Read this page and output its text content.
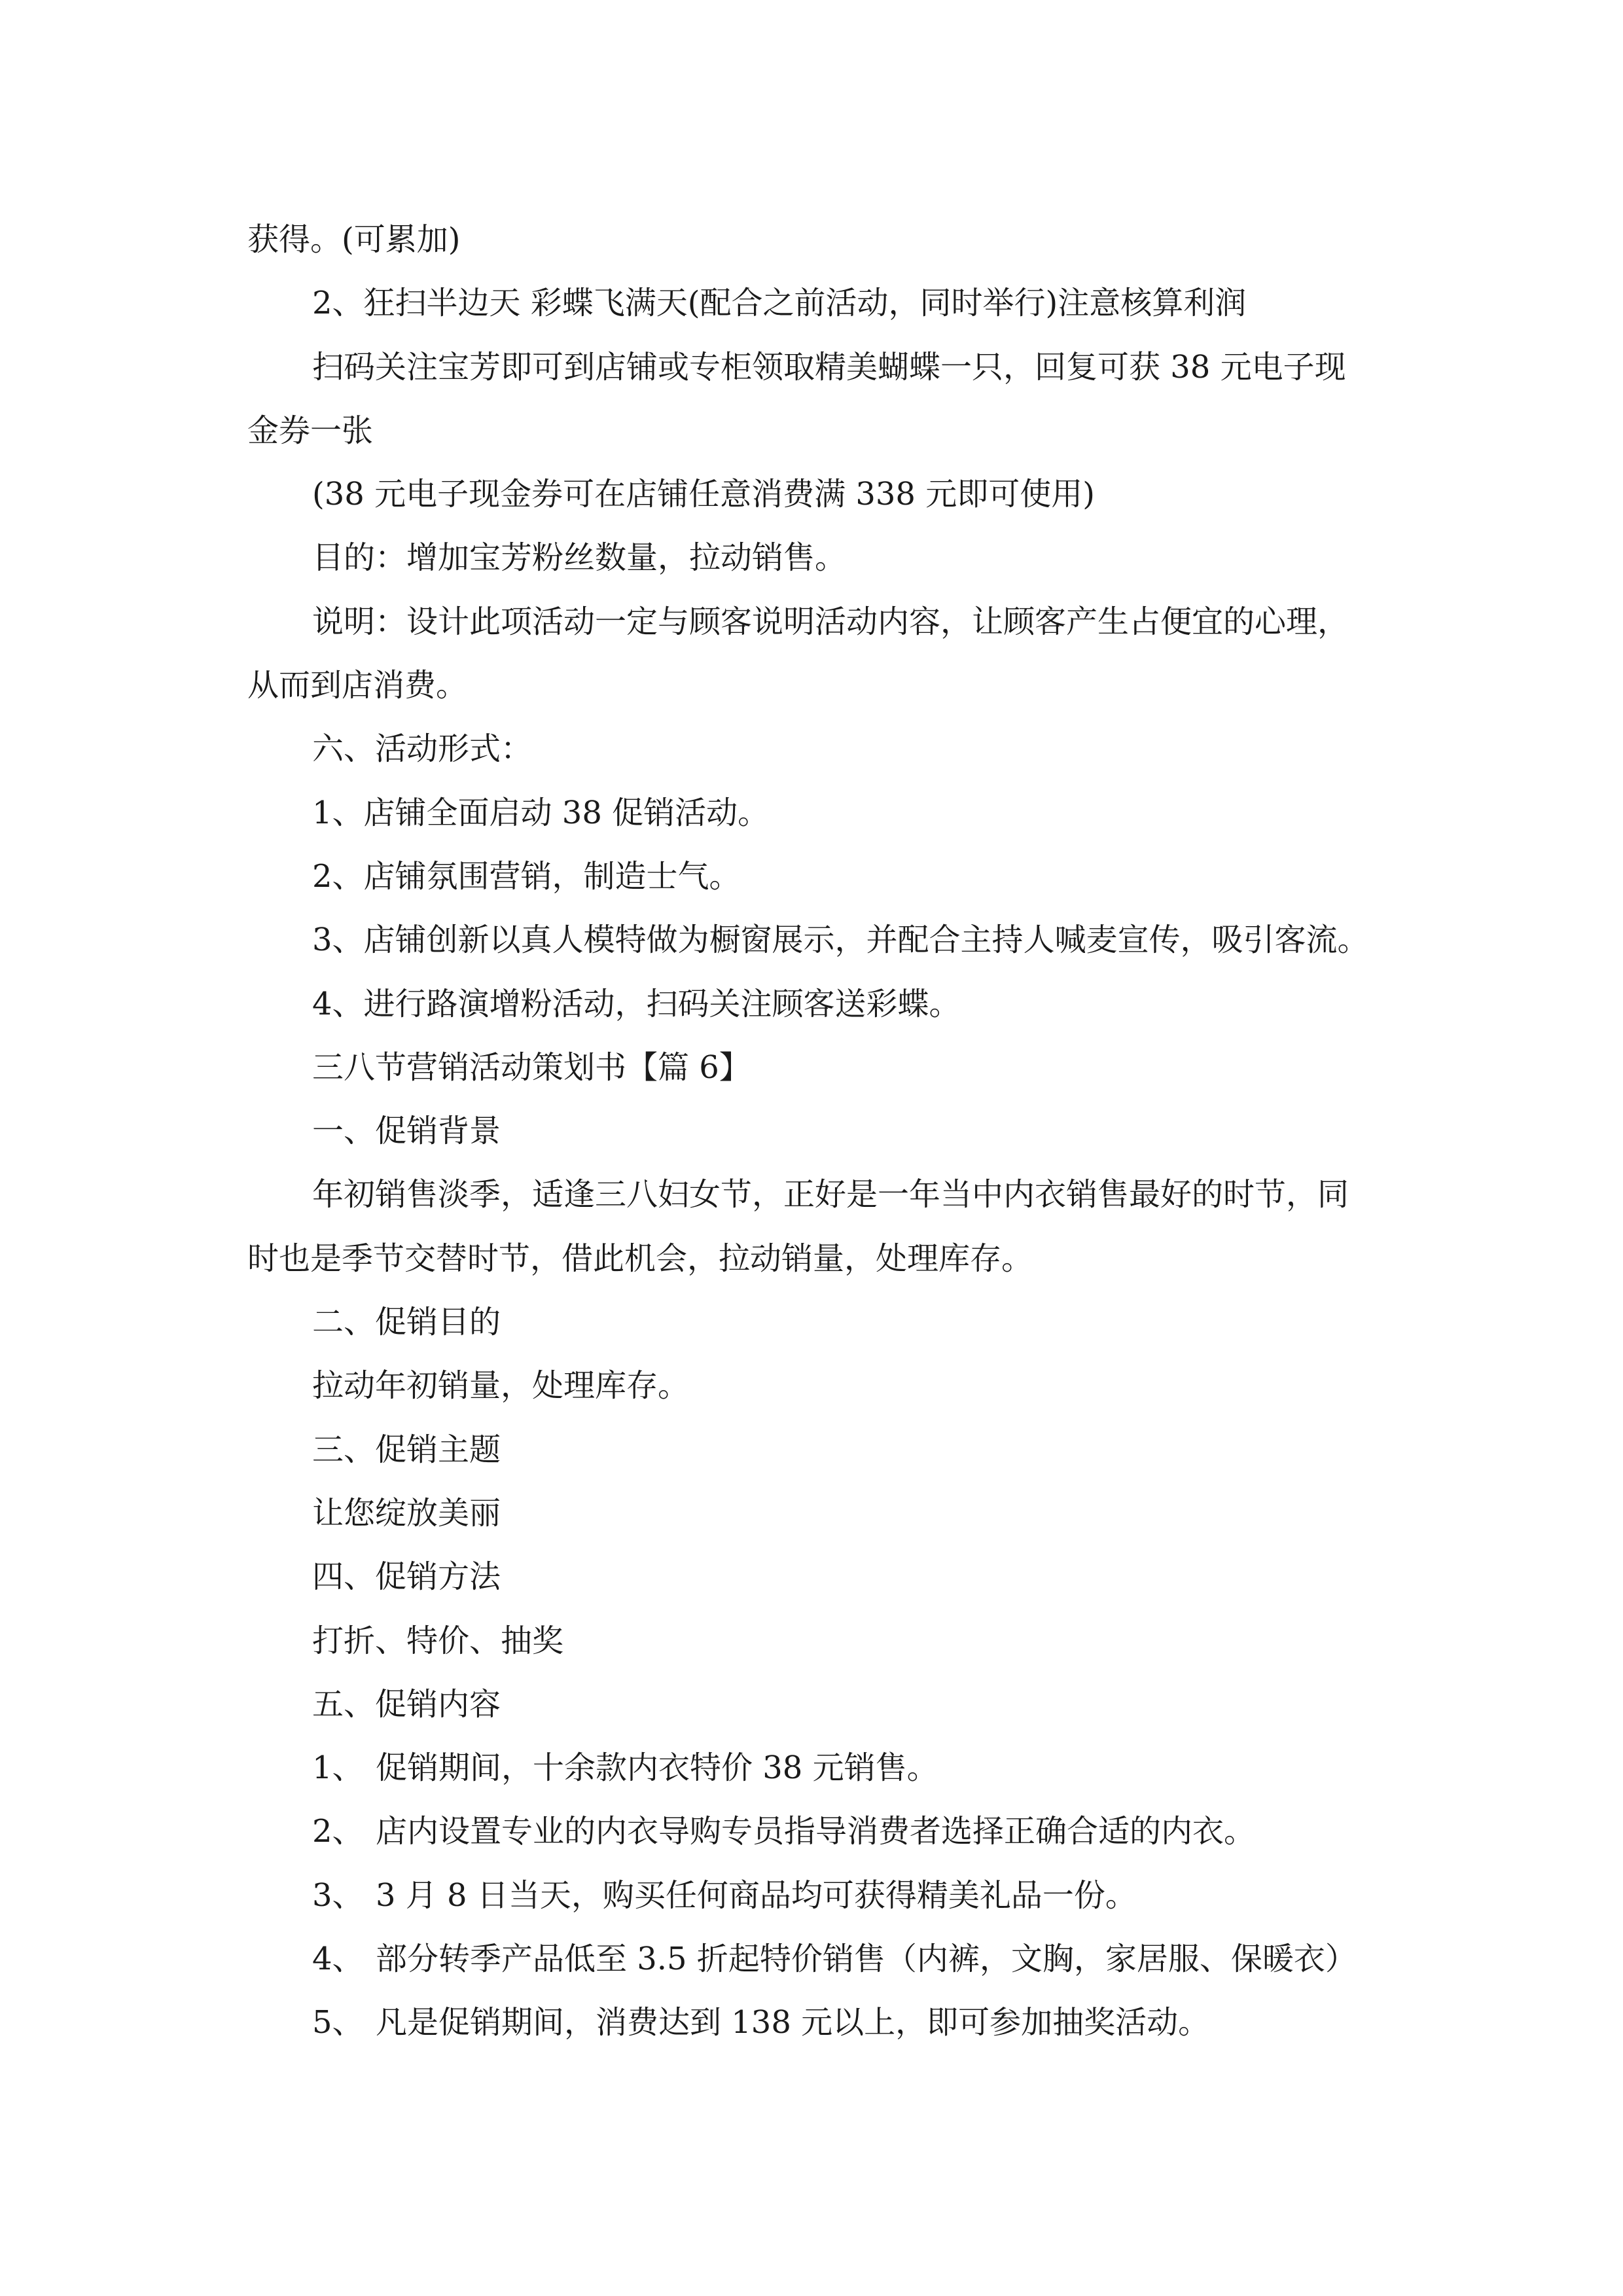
获得。(可累加)
2、狂扫半边天 彩蝶飞满天(配合之前活动，同时举行)注意核算利润
扫码关注宝芳即可到店铺或专柜领取精美蝴蝶一只，回复可获 38 元电子现
金券一张
(38 元电子现金券可在店铺任意消费满 338 元即可使用)
目的：增加宝芳粉丝数量，拉动销售。
说明：设计此项活动一定与顾客说明活动内容，让顾客产生占便宜的心理，
从而到店消费。
六、活动形式：
1、店铺全面启动 38 促销活动。
2、店铺氛围营销，制造士气。
3、店铺创新以真人模特做为橱窗展示，并配合主持人喊麦宣传，吸引客流。
4、进行路演增粉活动，扫码关注顾客送彩蝶。
三八节营销活动策划书【篇 6】
一、促销背景
年初销售淡季，适逢三八妇女节，正好是一年当中内衣销售最好的时节，同
时也是季节交替时节，借此机会，拉动销量，处理库存。
二、促销目的
拉动年初销量，处理库存。
三、促销主题
让您绽放美丽
四、促销方法
打折、特价、抽奖
五、促销内容
1、 促销期间，十余款内衣特价 38 元销售。
2、 店内设置专业的内衣导购专员指导消费者选择正确合适的内衣。
3、 3 月 8 日当天，购买任何商品均可获得精美礼品一份。
4、 部分转季产品低至 3.5 折起特价销售（内裤，文胸，家居服、保暖衣）
5、 凡是促销期间，消费达到 138 元以上，即可参加抽奖活动。
